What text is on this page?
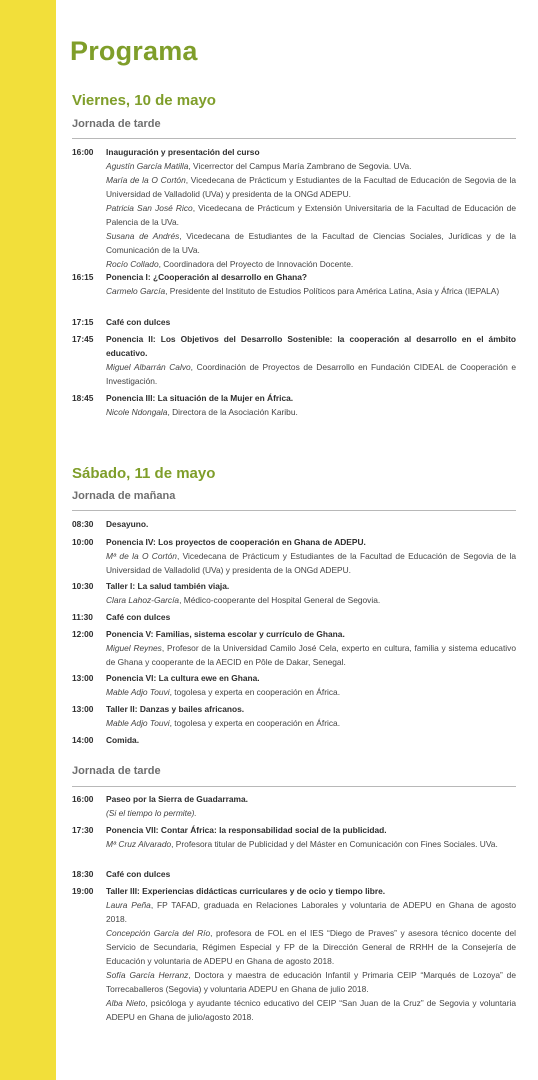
Programa
Viernes, 10 de mayo
Jornada de tarde
16:00	Inauguración y presentación del curso
Agustín García Matilla, Vicerrector del Campus María Zambrano de Segovia. UVa.
María de la O Cortón, Vicedecana de Prácticum y Estudiantes de la Facultad de Educación de Segovia de la Universidad de Valladolid (UVa) y presidenta de la ONGd ADEPU.
Patricia San José Rico, Vicedecana de Prácticum y Extensión Universitaria de la Facultad de Educación de Palencia de la UVa.
Susana de Andrés, Vicedecana de Estudiantes de la Facultad de Ciencias Sociales, Jurídicas y de la Comunicación de la UVa.
Rocío Collado, Coordinadora del Proyecto de Innovación Docente.
16:15	Ponencia I: ¿Cooperación al desarrollo en Ghana?
Carmelo García, Presidente del Instituto de Estudios Políticos para América Latina, Asia y África (IEPALA)
17:15	Café con dulces
17:45	Ponencia II: Los Objetivos del Desarrollo Sostenible: la cooperación al desarrollo en el ámbito educativo.
Miguel Albarrán Calvo, Coordinación de Proyectos de Desarrollo en Fundación CIDEAL de Cooperación e Investigación.
18:45	Ponencia III: La situación de la Mujer en África.
Nicole Ndongala, Directora de la Asociación Karibu.
Sábado, 11 de mayo
Jornada de mañana
08:30	Desayuno.
10:00	Ponencia IV: Los proyectos de cooperación en Ghana de ADEPU.
Mª de la O Cortón, Vicedecana de Prácticum y Estudiantes de la Facultad de Educación de Segovia de la Universidad de Valladolid (UVa) y presidenta de la ONGd ADEPU.
10:30	Taller I: La salud también viaja.
Clara Lahoz-García, Médico-cooperante del Hospital General de Segovia.
11:30	Café con dulces
12:00	Ponencia V: Familias, sistema escolar y currículo de Ghana.
Miguel Reynes, Profesor de la Universidad Camilo José Cela, experto en cultura, familia y sistema educativo de Ghana y cooperante de la AECID en Pôle de Dakar, Senegal.
13:00	Ponencia VI: La cultura ewe en Ghana.
Mable Adjo Touvi, togolesa y experta en cooperación en África.
13:00	Taller II: Danzas y bailes africanos.
Mable Adjo Touvi, togolesa y experta en cooperación en África.
14:00	Comida.
Jornada de tarde
16:00	Paseo por la Sierra de Guadarrama.
(Si el tiempo lo permite).
17:30	Ponencia VII: Contar África: la responsabilidad social de la publicidad.
Mª Cruz Alvarado, Profesora titular de Publicidad y del Máster en Comunicación con Fines Sociales. UVa.
18:30	Café con dulces
19:00	Taller III: Experiencias didácticas curriculares y de ocio y tiempo libre.
Laura Peña, FP TAFAD, graduada en Relaciones Laborales y voluntaria de ADEPU en Ghana de agosto 2018.
Concepción García del Río, profesora de FOL en el IES “Diego de Praves” y asesora técnico docente del Servicio de Secundaria, Régimen Especial y FP de la Dirección General de RRHH de la Consejería de Educación y voluntaria de ADEPU en Ghana de agosto 2018.
Sofía García Herranz, Doctora y maestra de educación Infantil y Primaria CEIP “Marqués de Lozoya” de Torrecaballeros (Segovia) y voluntaria ADEPU en Ghana de julio 2018.
Alba Nieto, psicóloga y ayudante técnico educativo del CEIP “San Juan de la Cruz” de Segovia y voluntaria ADEPU en Ghana de julio/agosto 2018.
